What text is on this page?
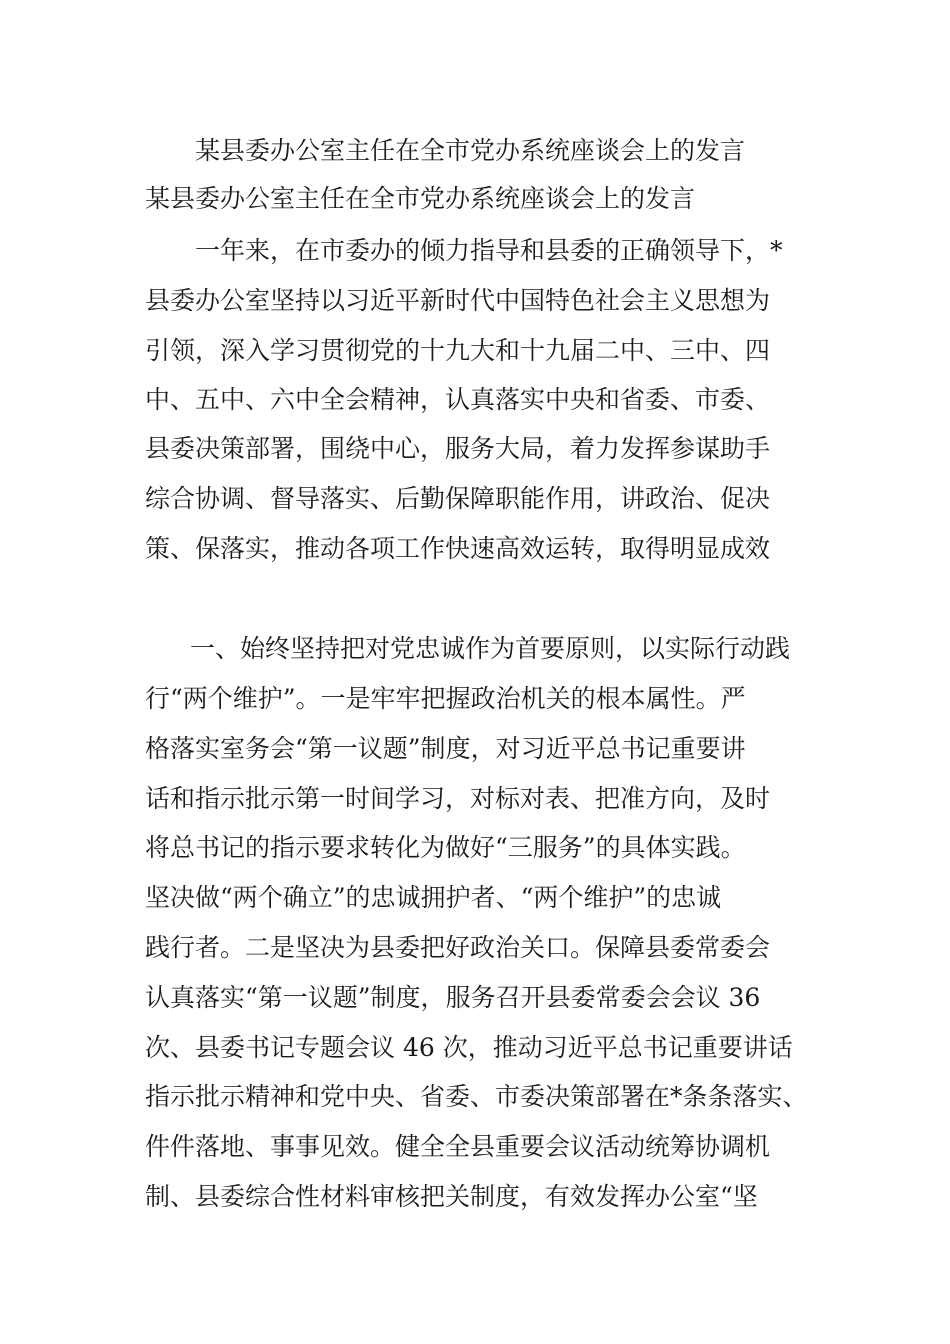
某县委办公室主任在全市党办系统座谈会上的发言
某县委办公室主任在全市党办系统座谈会上的发言
一年来，在市委办的倾力指导和县委的正确领导下，*
县委办公室坚持以习近平新时代中国特色社会主义思想为
引领，深入学习贯彻党的十九大和十九届二中、三中、四
中、五中、六中全会精神，认真落实中央和省委、市委、
县委决策部署，围绕中心，服务大局，着力发挥参谋助手
综合协调、督导落实、后勤保障职能作用，讲政治、促决
策、保落实，推动各项工作快速高效运转，取得明显成效
一、始终坚持把对党忠诚作为首要原则，以实际行动践
行“两个维护”。一是牢牢把握政治机关的根本属性。严
格落实室务会“第一议题”制度，对习近平总书记重要讲
话和指示批示第一时间学习，对标对表、把准方向，及时
将总书记的指示要求转化为做好“三服务”的具体实践。
坚决做“两个确立”的忠诚拥护者、“两个维护”的忠诚
践行者。二是坚决为县委把好政治关口。保障县委常委会
认真落实“第一议题”制度，服务召开县委常委会会议 36
次、县委书记专题会议 46 次，推动习近平总书记重要讲话
指示批示精神和党中央、省委、市委决策部署在*条条落实、
件件落地、事事见效。健全全县重要会议活动统筹协调机
制、县委综合性材料审核把关制度，有效发挥办公室“坚
